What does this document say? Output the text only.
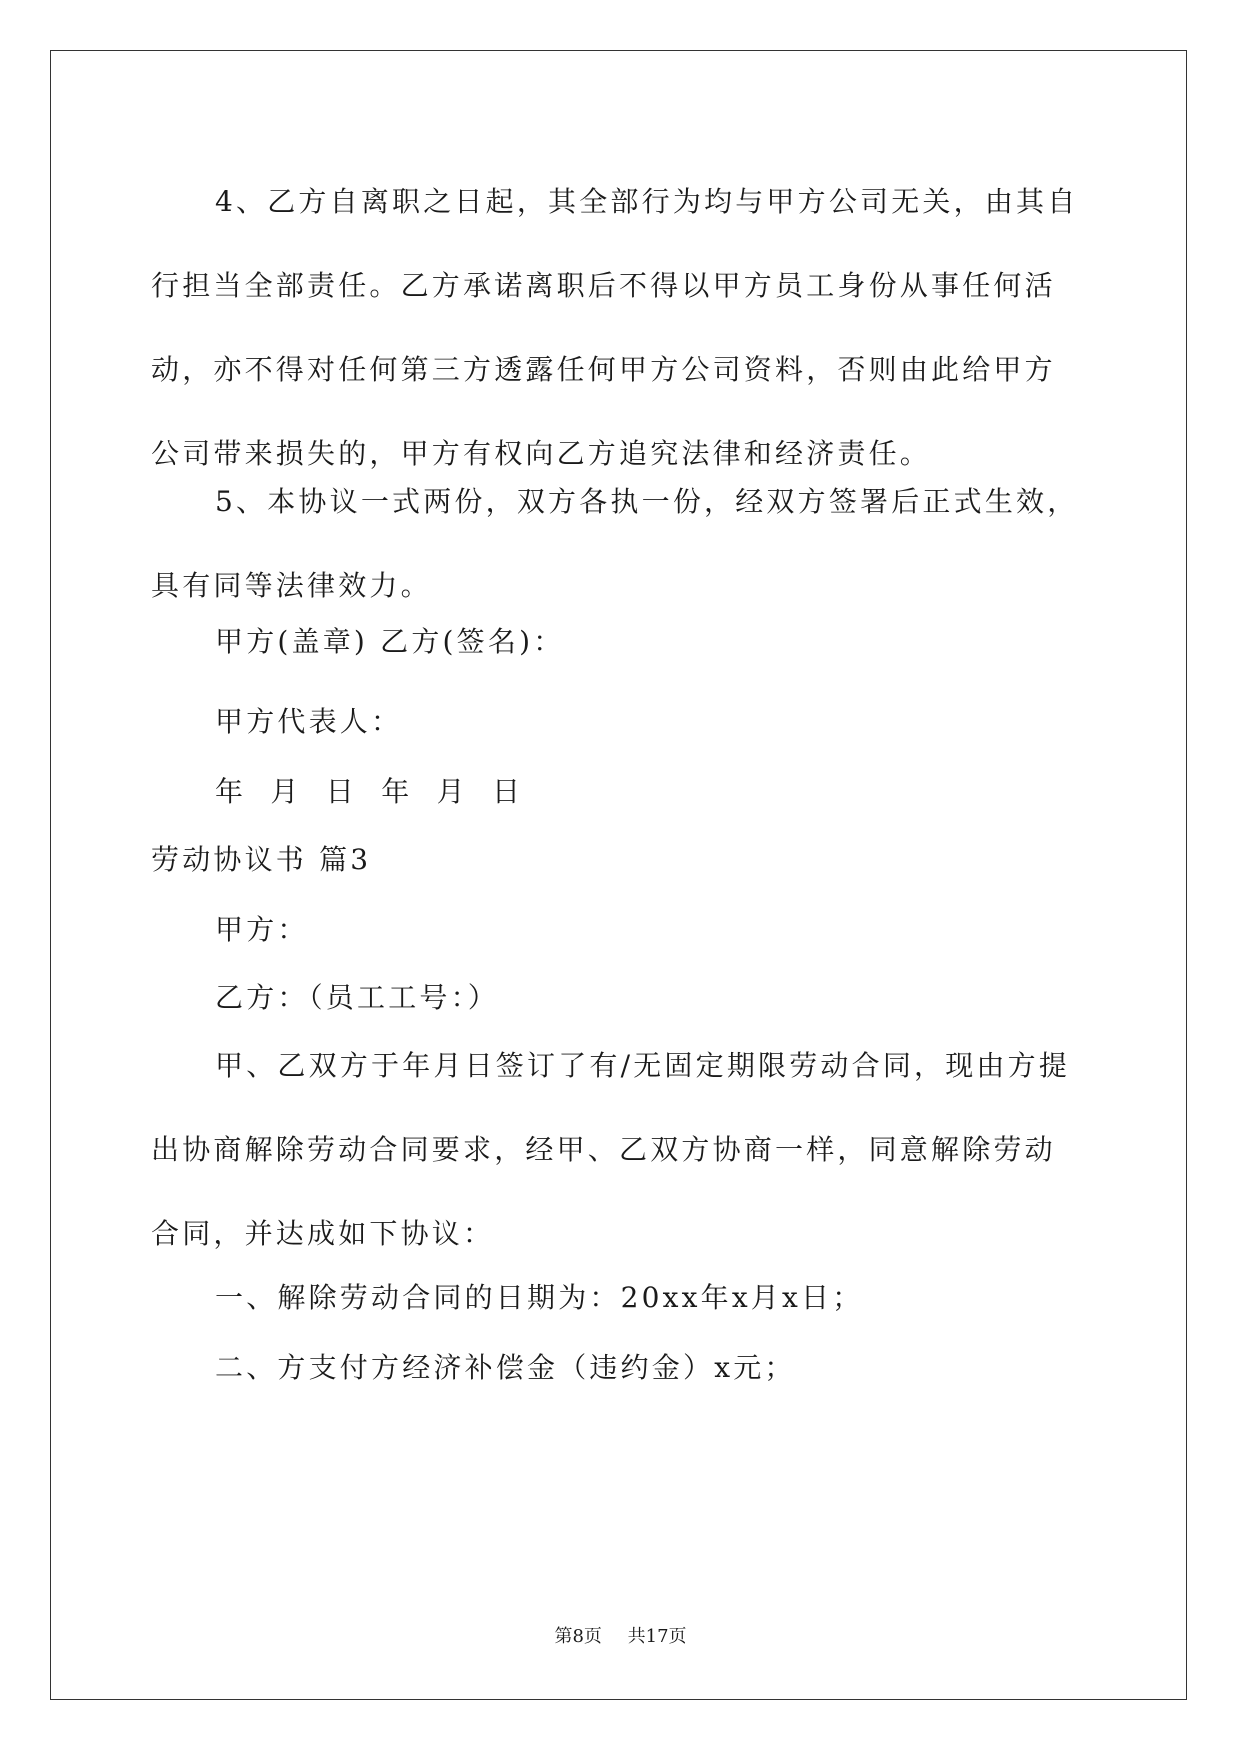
4、乙方自离职之日起，其全部行为均与甲方公司无关，由其自行担当全部责任。乙方承诺离职后不得以甲方员工身份从事任何活动，亦不得对任何第三方透露任何甲方公司资料，否则由此给甲方公司带来损失的，甲方有权向乙方追究法律和经济责任。

5、本协议一式两份，双方各执一份，经双方签署后正式生效，具有同等法律效力。

甲方(盖章) 乙方(签名)：

甲方代表人：

年  月  日  年  月  日

劳动协议书 篇3

甲方：

乙方：（员工工号：）

甲、乙双方于年月日签订了有/无固定期限劳动合同，现由方提出协商解除劳动合同要求，经甲、乙双方协商一样，同意解除劳动合同，并达成如下协议：

一、解除劳动合同的日期为：20xx年x月x日；

二、方支付方经济补偿金（违约金）x元；

第8页 共17页
